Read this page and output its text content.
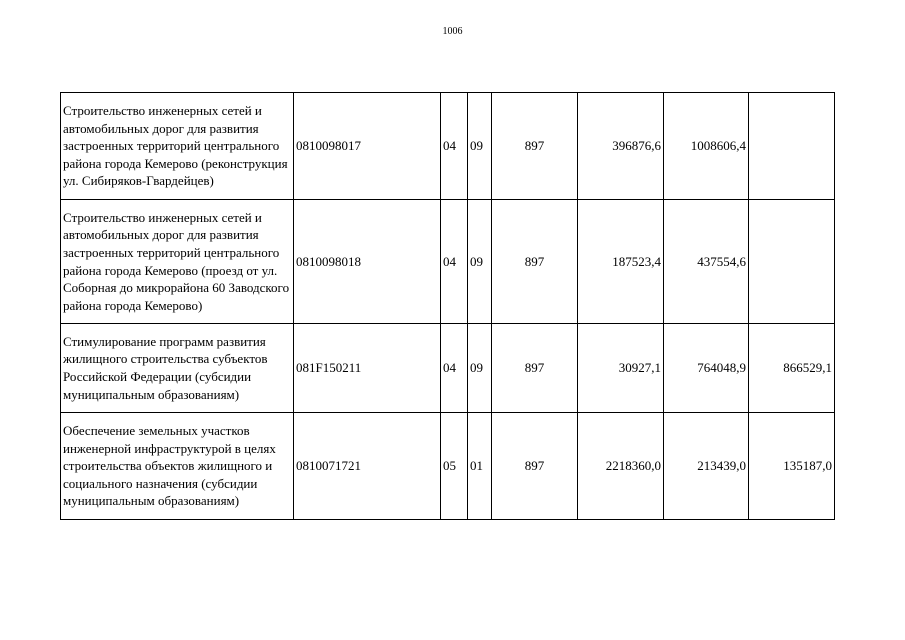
1006
Строительство инженерных сетей и автомобильных дорог для развития застроенных территорий центрального района города Кемерово (реконструкция ул. Сибиряков-Гвардейцев)	0810098017	04	09	897	396876,6	1008606,4	
Строительство инженерных сетей и автомобильных дорог для развития застроенных территорий центрального района города Кемерово (проезд от ул. Соборная до микрорайона 60 Заводского района города Кемерово)	0810098018	04	09	897	187523,4	437554,6	
Стимулирование программ развития жилищного строительства субъектов Российской Федерации (субсидии муниципальным образованиям)	081F150211	04	09	897	30927,1	764048,9	866529,1
Обеспечение земельных участков инженерной инфраструктурой в целях строительства объектов жилищного и социального назначения (субсидии муниципальным образованиям)	0810071721	05	01	897	2218360,0	213439,0	135187,0
